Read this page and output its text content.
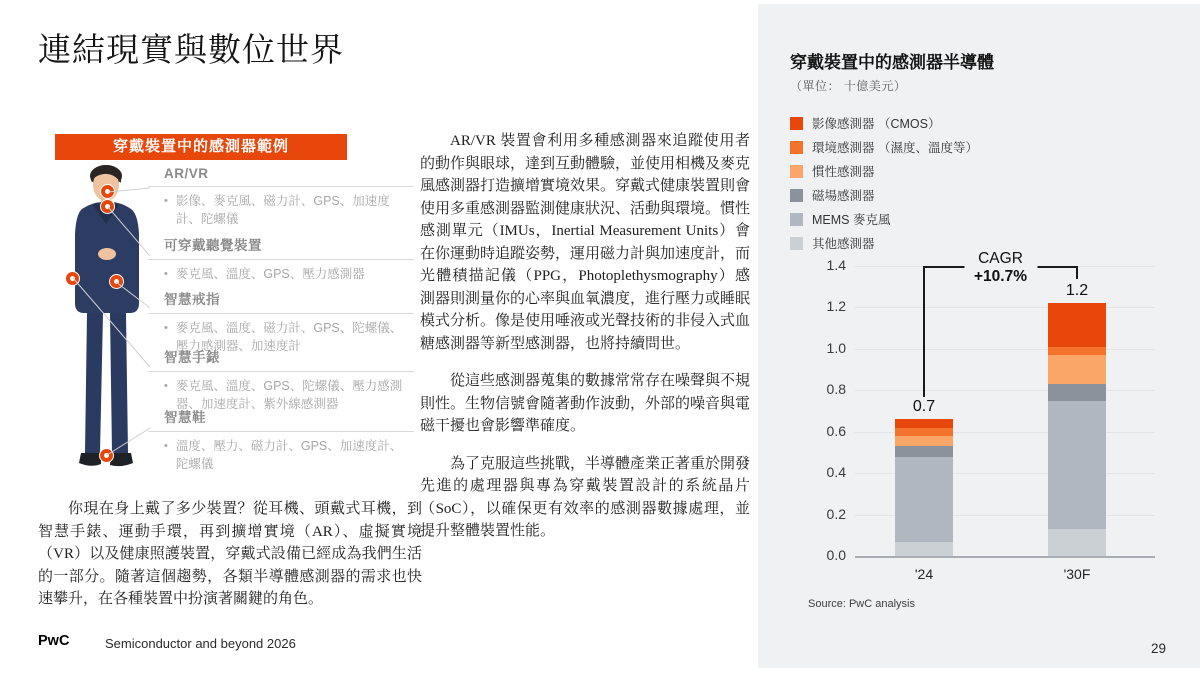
連結現實與數位世界
穿戴裝置中的感測器範例
AR/VR
• 影像、麥克風、磁力計、GPS、加速度計、陀螺儀
可穿戴聽覺裝置
• 麥克風、溫度、GPS、壓力感測器
智慧戒指
• 麥克風、溫度、磁力計、GPS、陀螺儀、壓力感測器、加速度計
智慧手錶
• 麥克風、溫度、GPS、陀螺儀、壓力感測器、加速度計、紫外線感測器
智慧鞋
• 溫度、壓力、磁力計、GPS、加速度計、陀螺儀
你現在身上戴了多少裝置？從耳機、頭戴式耳機，到智慧手錶、運動手環，再到擴增實境（AR）、虛擬實境（VR）以及健康照護裝置，穿戴式設備已經成為我們生活的一部分。隨著這個趨勢，各類半導體感測器的需求也快速攀升，在各種裝置中扮演著關鍵的角色。

AR/VR 裝置會利用多種感測器來追蹤使用者的動作與眼球，達到互動體驗，並使用相機及麥克風感測器打造擴增實境效果。穿戴式健康裝置則會使用多重感測器監測健康狀況、活動與環境。慣性感測單元（IMUs，Inertial Measurement Units）會在你運動時追蹤姿勢，運用磁力計與加速度計，而光體積描記儀（PPG，Photoplethysmography）感測器則測量你的心率與血氧濃度，進行壓力或睡眠模式分析。像是使用唾液或光聲技術的非侵入式血糖感測器等新型感測器，也將持續問世。

從這些感測器蒐集的數據常常存在噪聲與不規則性。生物信號會隨著動作波動，外部的噪音與電磁干擾也會影響準確度。

為了克服這些挑戰，半導體產業正著重於開發先進的處理器與專為穿戴裝置設計的系統晶片（SoC），以確保更有效率的感測器數據處理，並提升整體裝置性能。

PwC	Semiconductor and beyond 2026
穿戴裝置中的感測器半導體
（單位： 十億美元）
影像感測器 （CMOS）
環境感測器 （濕度、溫度等）
慣性感測器
磁場感測器
MEMS 麥克風
其他感測器
0.7
1.2
CAGR
+10.7%
0.0
0.2
0.4
0.6
0.8
1.0
1.2
1.4
'24	'30F
Source: PwC analysis
29
